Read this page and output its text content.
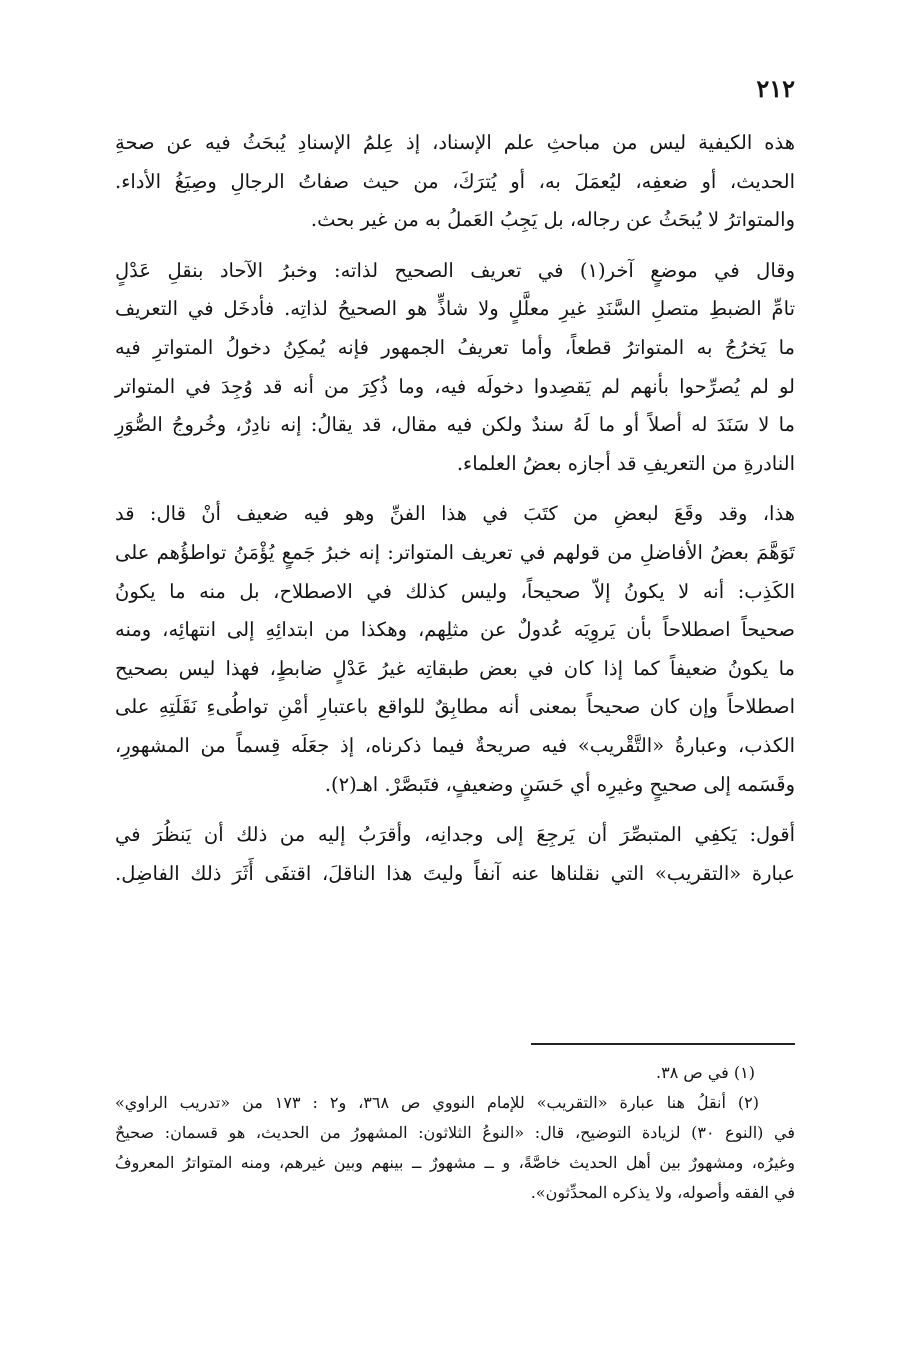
٢١٢

هذه الكيفية ليس من مباحثِ علم الإسناد، إذ عِلمُ الإسنادِ يُبحَثُ فيه عن صحةِ
الحديث، أو ضعفِه، ليُعمَلَ به، أو يُترَكَ، من حيث صفاتُ الرجالِ وصِيَغُ الأداء.
والمتواترُ لا يُبحَثُ عن رجاله، بل يَجِبُ العَملُ به من غير بحث.

وقال في موضعٍ آخر(١) في تعريف الصحيح لذاته: وخبرُ الآحاد بنقلِ عَدْلٍ
تامِّ الضبطِ متصلِ السَّنَدِ غيرِ معلَّلٍ ولا شاذٍّ هو الصحيحُ لذاتِه. فأدخَل في التعريف
ما يَخرُجُ به المتواترُ قطعاً، وأما تعريفُ الجمهور فإنه يُمكِنُ دخولُ المتواترِ فيه
لو لم يُصرِّحوا بأنهم لم يَقصِدوا دخولَه فيه، وما ذُكِرَ من أنه قد وُجِدَ في المتواتر
ما لا سَنَدَ له أصلاً أو ما لَهُ سندٌ ولكن فيه مقال، قد يقالُ: إنه نادِرٌ، وخُروجُ الصُّوَرِ
النادرةِ من التعريفِ قد أجازه بعضُ العلماء.

هذا، وقد وقَعَ لبعضِ من كتَبَ في هذا الفنِّ وهو فيه ضعيف أنْ قال: قد
تَوَهَّمَ بعضُ الأفاضلِ من قولهم في تعريف المتواتر: إنه خبرُ جَمعٍ يُؤْمَنُ تواطؤُهم على
الكَذِب: أنه لا يكونُ إلاّ صحيحاً، وليس كذلك في الاصطلاح، بل منه ما يكونُ
صحيحاً اصطلاحاً بأن يَروِيَه عُدولٌ عن مثلِهم، وهكذا من ابتدائِهِ إلى انتهائِه، ومنه
ما يكونُ ضعيفاً كما إذا كان في بعض طبقاتِه غيرُ عَدْلٍ ضابطٍ، فهذا ليس بصحيح
اصطلاحاً وإن كان صحيحاً بمعنى أنه مطابِقٌ للواقع باعتبارِ أمْنِ تواطُىءِ نَقَلَتِهِ على
الكذب، وعبارةُ «التَّقْريب» فيه صريحةٌ فيما ذكرناه، إذ جعَلَه قِسماً من المشهورِ،
وقَسَمه إلى صحيحٍ وغيرِه أي حَسَنٍ وضعيفٍ، فتَبصَّرْ. اهـ(٢).

أقول: يَكفِي المتبصِّرَ أن يَرجِعَ إلى وجدانِه، وأقرَبُ إليه من ذلك أن يَنظُرَ في
عبارة «التقريب» التي نقلناها عنه آنفاً وليتَ هذا الناقلَ، اقتفَى أَثَرَ ذلك الفاضِل.

(١) في ص ٣٨.
(٢) أنقلُ هنا عبارة «التقريب» للإمام النووي ص ٣٦٨، و٢ : ١٧٣ من «تدريب الراوي»
في (النوع ٣٠) لزيادة التوضيح، قال: «النوعُ الثلاثون: المشهورُ من الحديث، هو قسمان: صحيحٌ
وغيرُه، ومشهورٌ بين أهل الحديث خاصَّةً، و ــ مشهورٌ ــ بينهم وبين غيرهم، ومنه المتواترُ المعروفُ
في الفقه وأصوله، ولا يذكره المحدِّثون».
